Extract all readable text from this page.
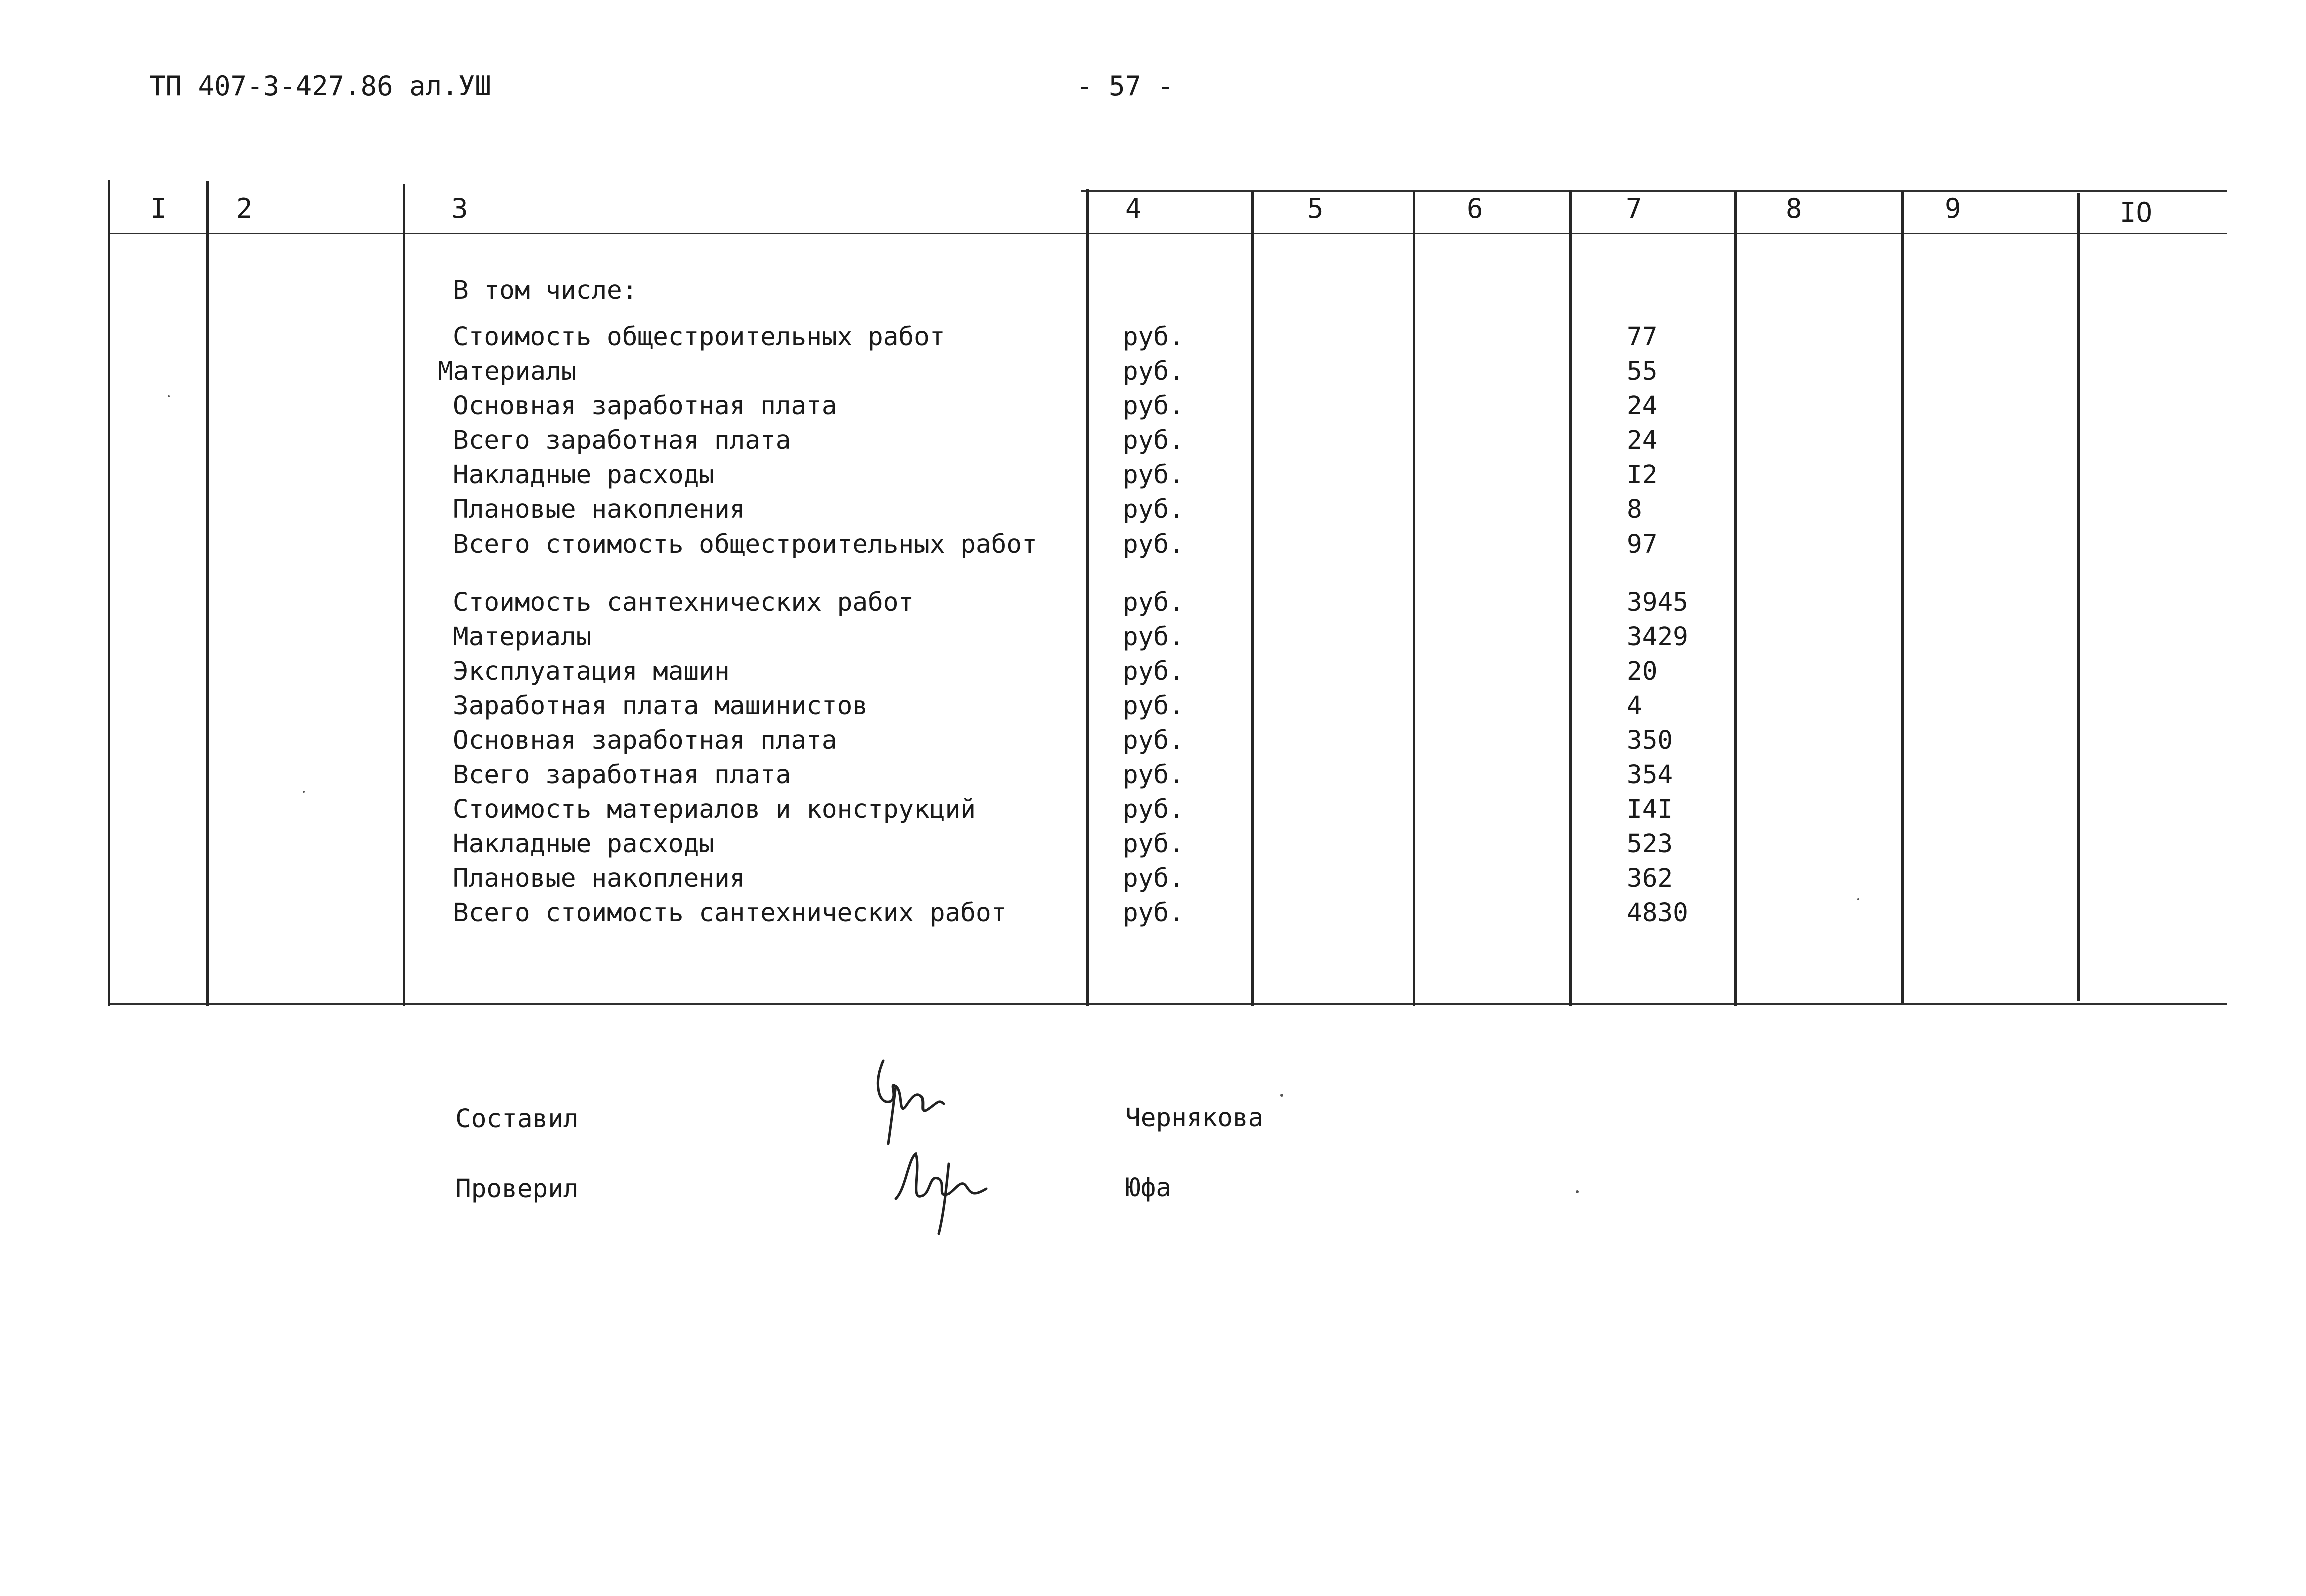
ТП 407-3-427.86 ал.УШ	- 57 -
I	2	3	4	5	6	7	8	9	IO
В том числе:
Стоимость общестроительных работ	руб.	77
Материалы	руб.	55
Основная заработная плата	руб.	24
Всего заработная плата	руб.	24
Накладные расходы	руб.	I2
Плановые накопления	руб.	8
Всего стоимость общестроительных работ	руб.	97
Стоимость сантехнических работ	руб.	3945
Материалы	руб.	3429
Эксплуатация машин	руб.	20
Заработная плата машинистов	руб.	4
Основная заработная плата	руб.	350
Всего заработная плата	руб.	354
Стоимость материалов и конструкций	руб.	I4I
Накладные расходы	руб.	523
Плановые накопления	руб.	362
Всего стоимость сантехнических работ	руб.	4830
Составил	Чернякова
Проверил	Юфа
